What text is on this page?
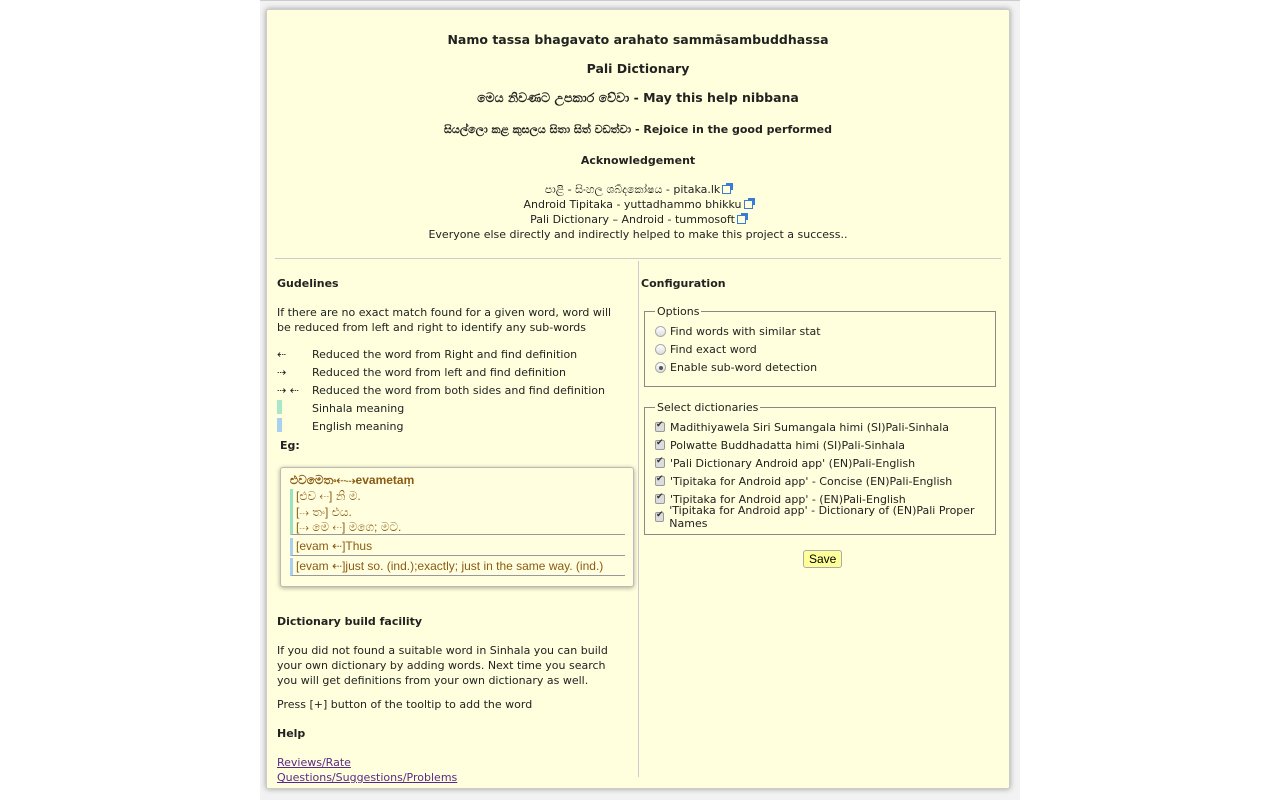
Namo tassa bhagavato arahato sammāsambuddhassa
Pali Dictionary
මෙය නිවණට උපකාර වේවා - May this help nibbana
සියල්ලො කළ කුසලය සිතා සිත් වඩත්වා - Rejoice in the good performed
Acknowledgement
පාළි - සිංහල ශබ්දකෝෂය - pitaka.lk
Android Tipitaka - yuttadhammo bhikku
Pali Dictionary – Android - tummosoft
Everyone else directly and indirectly helped to make this project a success..
Gudelines
If there are no exact match found for a given word, word will be reduced from left and right to identify any sub-words
⇠	Reduced the word from Right and find definition
⇢	Reduced the word from left and find definition
⇢ ⇠	Reduced the word from both sides and find definition
Sinhala meaning
English meaning
Eg:
එවමෙතං⇠⇢evametaṃ
[එව ⇠] නි ම.
[⇢ තං] එය.
[⇢ මෙ ⇠] මගෙ; මට.
[evam ⇠]Thus
[evam ⇠]just so. (ind.);exactly; just in the same way. (ind.)
Dictionary build facility
If you did not found a suitable word in Sinhala you can build your own dictionary by adding words. Next time you search you will get definitions from your own dictionary as well.
Press [+] button of the tooltip to add the word
Help
Reviews/Rate
Questions/Suggestions/Problems
Configuration
Options
Find words with similar stat
Find exact word
Enable sub-word detection
Select dictionaries
✔
Madithiyawela Siri Sumangala himi (SI)Pali-Sinhala
✔
Polwatte Buddhadatta himi (SI)Pali-Sinhala
✔
'Pali Dictionary Android app' (EN)Pali-English
✔
'Tipitaka for Android app' - Concise (EN)Pali-English
✔
'Tipitaka for Android app' - (EN)Pali-English
✔
'Tipitaka for Android app' - Dictionary of (EN)Pali Proper Names
Save
